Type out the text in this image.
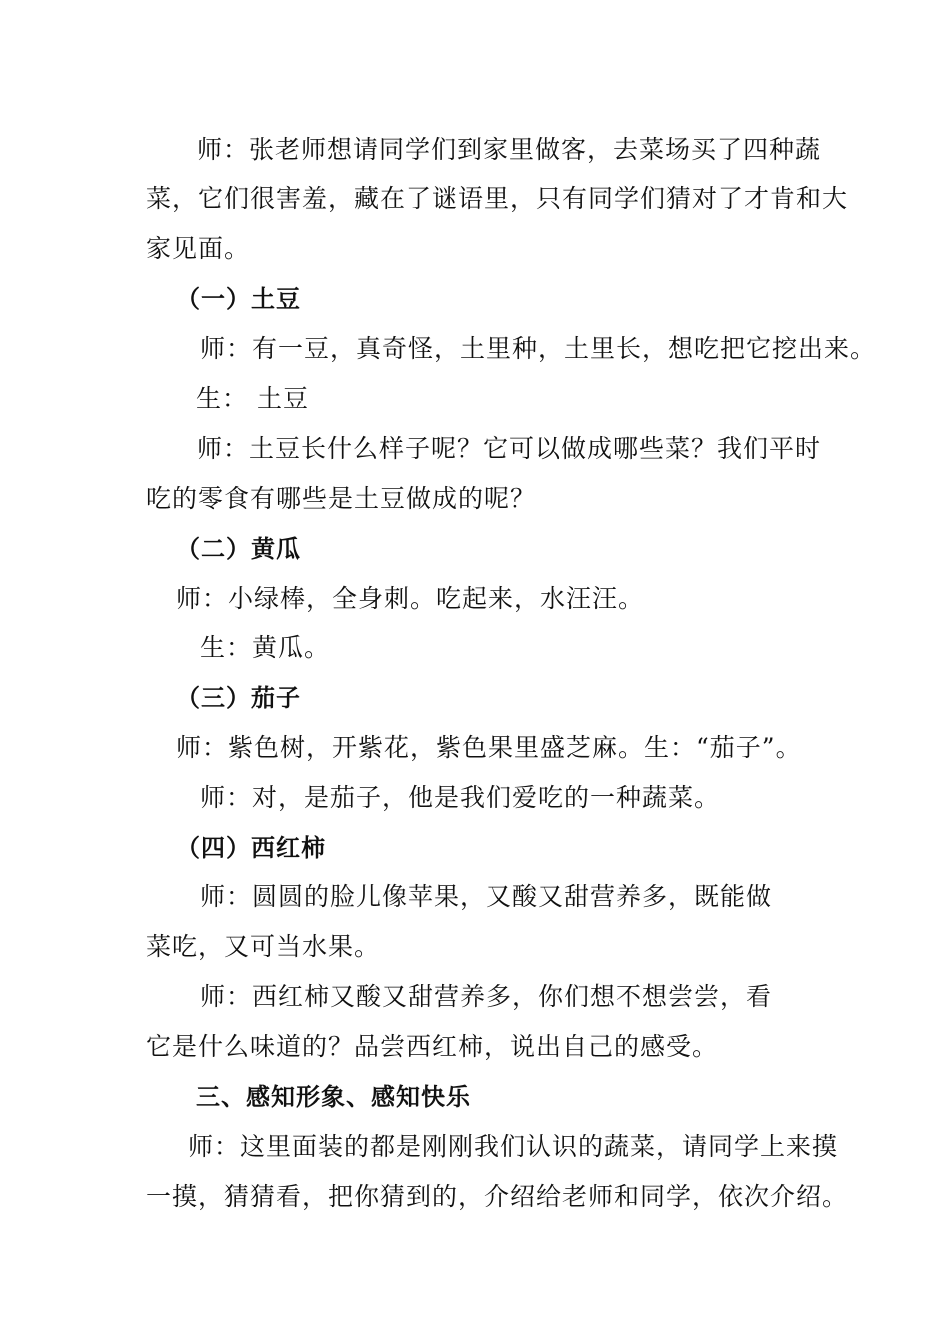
师：张老师想请同学们到家里做客，去菜场买了四种蔬
菜，它们很害羞，藏在了谜语里，只有同学们猜对了才肯和大
家见面。
（一）土豆
师：有一豆，真奇怪，土里种，土里长，想吃把它挖出来。
生： 土豆
师：土豆长什么样子呢？它可以做成哪些菜？我们平时
吃的零食有哪些是土豆做成的呢？
（二）黄瓜
师：小绿棒，全身刺。吃起来，水汪汪。
生：黄瓜。
（三）茄子
师：紫色树，开紫花，紫色果里盛芝麻。生：“茄子”。
师：对，是茄子，他是我们爱吃的一种蔬菜。
（四）西红柿
师：圆圆的脸儿像苹果，又酸又甜营养多，既能做
菜吃，又可当水果。
师：西红柿又酸又甜营养多，你们想不想尝尝，看
它是什么味道的？品尝西红柿，说出自己的感受。
三、感知形象、感知快乐
师：这里面装的都是刚刚我们认识的蔬菜，请同学上来摸
一摸，猜猜看，把你猜到的，介绍给老师和同学，依次介绍。
